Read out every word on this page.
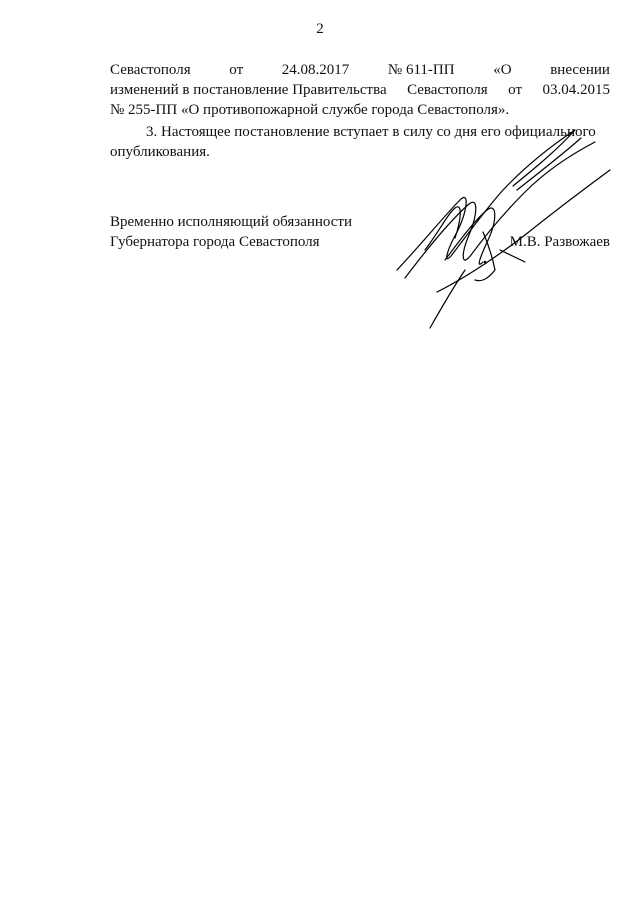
2
Севастополя	от	24.08.2017	№ 611-ПП	«О	внесении
изменений в постановление Правительства Севастополя от 03.04.2015
№ 255-ПП «О противопожарной службе города Севастополя».
3. Настоящее постановление вступает в силу со дня его официального
опубликования.
Временно исполняющий обязанности
Губернатора города Севастополя	М.В. Развожаев
